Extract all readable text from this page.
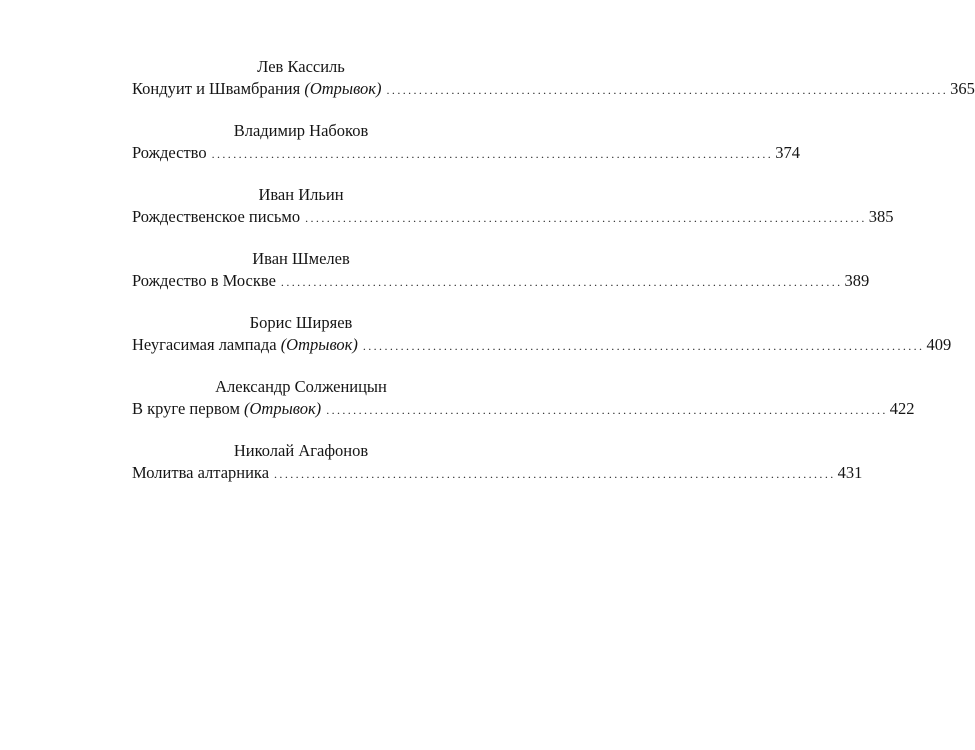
Лев Кассиль
Кондуит и Швамбрания (Отрывок) ........................................................................................................ 365
Владимир Набоков
Рождество ........................................................................................................ 374
Иван Ильин
Рождественское письмо ........................................................................................................ 385
Иван Шмелев
Рождество в Москве ........................................................................................................ 389
Борис Ширяев
Неугасимая лампада (Отрывок) ........................................................................................................ 409
Александр Солженицын
В круге первом (Отрывок) ........................................................................................................ 422
Николай Агафонов
Молитва алтарника ........................................................................................................ 431
